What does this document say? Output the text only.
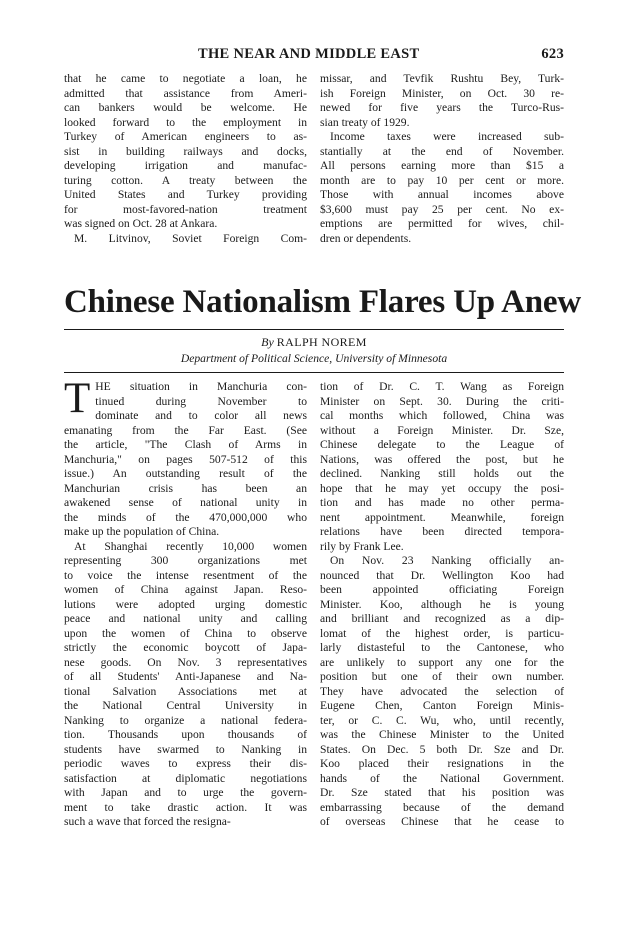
THE NEAR AND MIDDLE EAST	623

that he came to negotiate a loan, he

admitted that assistance from Ameri-

can bankers would be welcome. He

looked forward to the employment in

Turkey of American engineers to as-

sist in building railways and docks,

developing irrigation and manufac-

turing cotton. A treaty between the

United States and Turkey providing

for most-favored-nation treatment

was signed on Oct. 28 at Ankara.

M. Litvinov, Soviet Foreign Com-

missar, and Tevfik Rushtu Bey, Turk-

ish Foreign Minister, on Oct. 30 re-

newed for five years the Turco-Rus-

sian treaty of 1929.

Income taxes were increased sub-

stantially at the end of November.

All persons earning more than $15 a

month are to pay 10 per cent or more.

Those with annual incomes above

$3,600 must pay 25 per cent. No ex-

emptions are permitted for wives, chil-

dren or dependents.

Chinese Nationalism Flares Up Anew
By RALPH NOREM
Department of Political Science, University of Minnesota
T HE situation in Manchuria con-

tinued during November to

dominate and to color all news

emanating from the Far East. (See

the article, "The Clash of Arms in

Manchuria," on pages 507-512 of this

issue.) An outstanding result of the

Manchurian crisis has been an

awakened sense of national unity in

the minds of the 470,000,000 who

make up the population of China.

At Shanghai recently 10,000 women

representing 300 organizations met

to voice the intense resentment of the

women of China against Japan. Reso-

lutions were adopted urging domestic

peace and national unity and calling

upon the women of China to observe

strictly the economic boycott of Japa-

nese goods. On Nov. 3 representatives

of all Students' Anti-Japanese and Na-

tional Salvation Associations met at

the National Central University in

Nanking to organize a national federa-

tion. Thousands upon thousands of

students have swarmed to Nanking in

periodic waves to express their dis-

satisfaction at diplomatic negotiations

with Japan and to urge the govern-

ment to take drastic action. It was

such a wave that forced the resigna-

tion of Dr. C. T. Wang as Foreign

Minister on Sept. 30. During the criti-

cal months which followed, China was

without a Foreign Minister. Dr. Sze,

Chinese delegate to the League of

Nations, was offered the post, but he

declined. Nanking still holds out the

hope that he may yet occupy the posi-

tion and has made no other perma-

nent appointment. Meanwhile, foreign

relations have been directed tempora-

rily by Frank Lee.

On Nov. 23 Nanking officially an-

nounced that Dr. Wellington Koo had

been appointed officiating Foreign

Minister. Koo, although he is young

and brilliant and recognized as a dip-

lomat of the highest order, is particu-

larly distasteful to the Cantonese, who

are unlikely to support any one for the

position but one of their own number.

They have advocated the selection of

Eugene Chen, Canton Foreign Minis-

ter, or C. C. Wu, who, until recently,

was the Chinese Minister to the United

States. On Dec. 5 both Dr. Sze and Dr.

Koo placed their resignations in the

hands of the National Government.

Dr. Sze stated that his position was

embarrassing because of the demand

of overseas Chinese that he cease to
